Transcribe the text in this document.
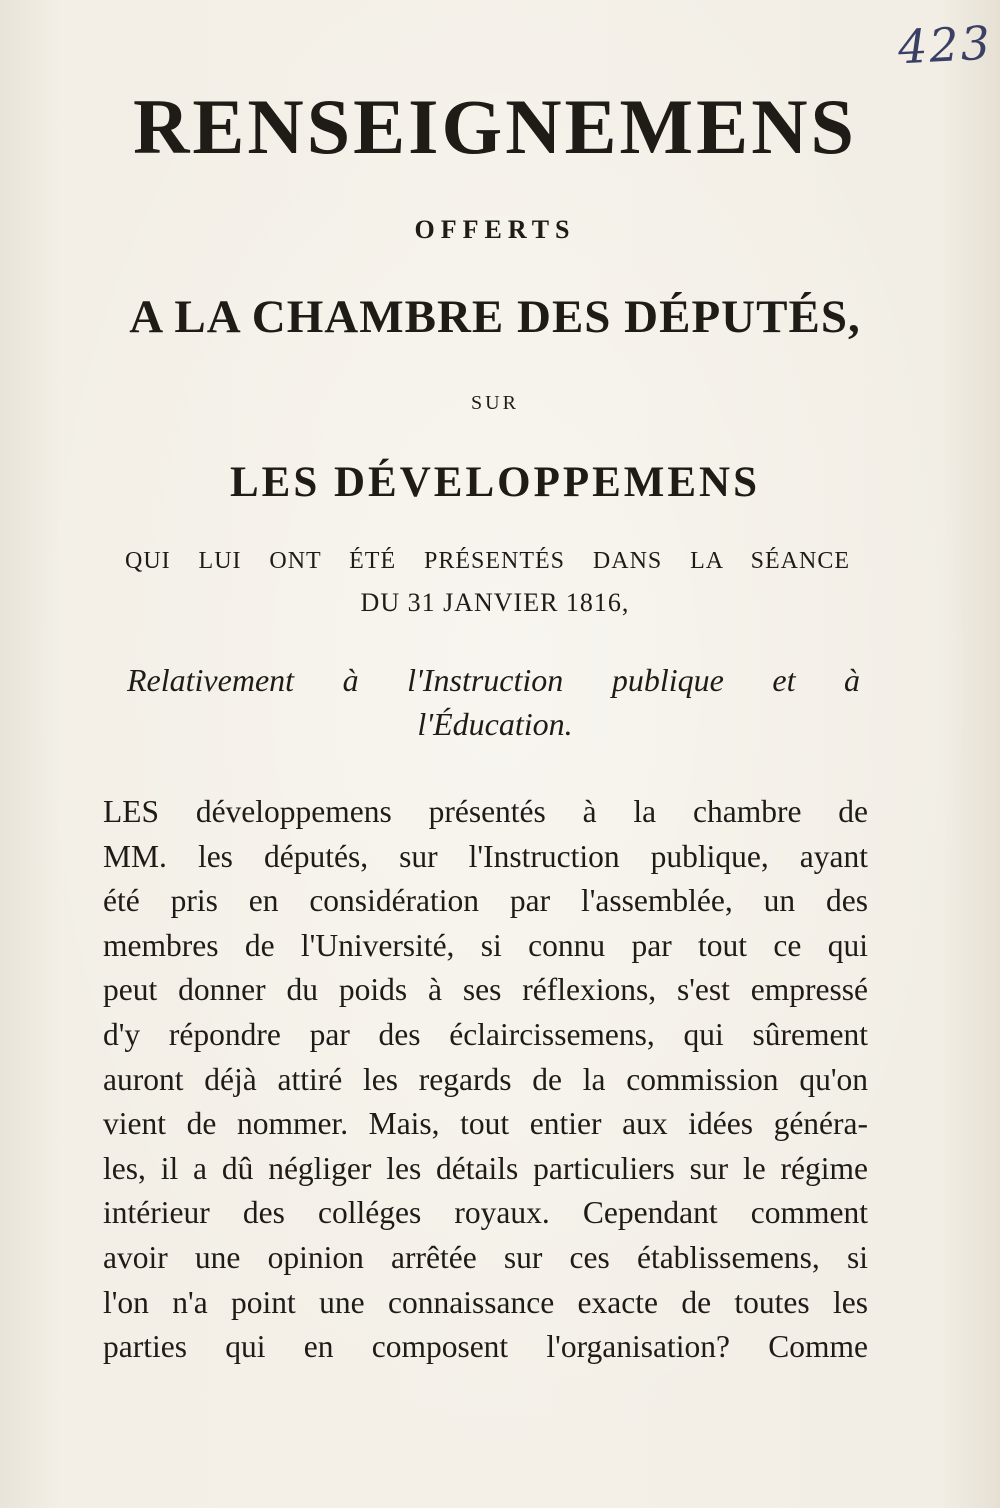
423
RENSEIGNEMENS
OFFERTS
A LA CHAMBRE DES DÉPUTÉS,
SUR
LES DÉVELOPPEMENS
QUI LUI ONT ÉTÉ PRÉSENTÉS DANS LA SÉANCE
DU 31 JANVIER 1816,
Relativement à l'Instruction publique et à
l'Éducation.
LES développemens présentés à la chambre de
MM. les députés, sur l'Instruction publique, ayant
été pris en considération par l'assemblée, un des
membres de l'Université, si connu par tout ce qui
peut donner du poids à ses réflexions, s'est empressé
d'y répondre par des éclaircissemens, qui sûrement
auront déjà attiré les regards de la commission qu'on
vient de nommer. Mais, tout entier aux idées généra-
les, il a dû négliger les détails particuliers sur le régime
intérieur des colléges royaux. Cependant comment
avoir une opinion arrêtée sur ces établissemens, si
l'on n'a point une connaissance exacte de toutes les
parties qui en composent l'organisation? Comme
